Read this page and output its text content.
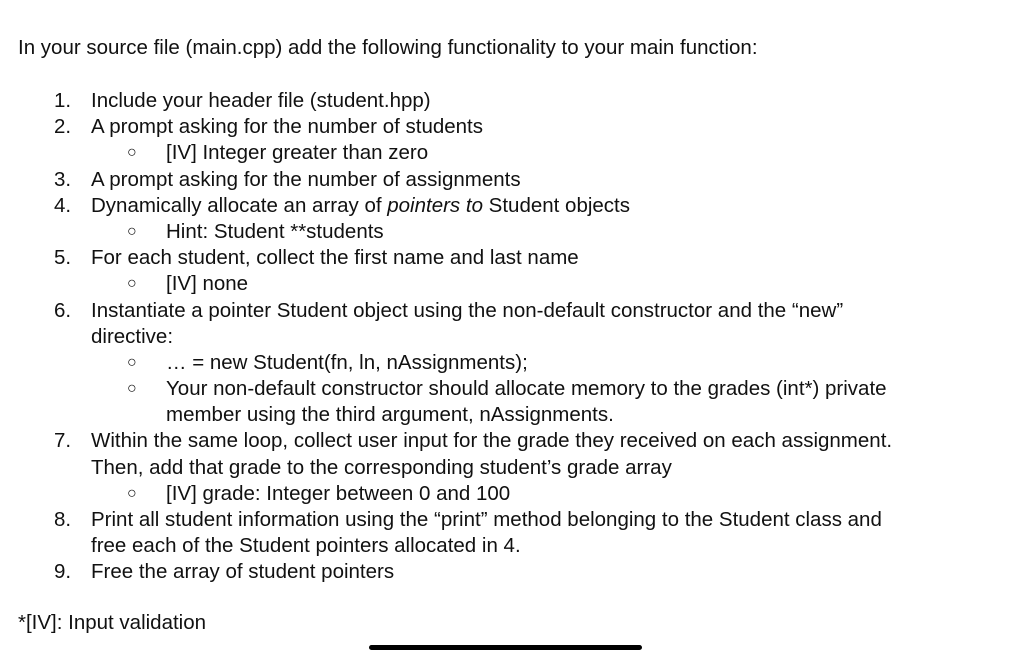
In your source file (main.cpp) add the following functionality to your main function:
1. Include your header file (student.hpp)
2. A prompt asking for the number of students
○ [IV] Integer greater than zero
3. A prompt asking for the number of assignments
4. Dynamically allocate an array of pointers to Student objects
○ Hint: Student **students
5. For each student, collect the first name and last name
○ [IV] none
6. Instantiate a pointer Student object using the non-default constructor and the “new”
directive:
○ … = new Student(fn, ln, nAssignments);
○ Your non-default constructor should allocate memory to the grades (int*) private
member using the third argument, nAssignments.
7. Within the same loop, collect user input for the grade they received on each assignment.
Then, add that grade to the corresponding student’s grade array
○ [IV] grade: Integer between 0 and 100
8. Print all student information using the “print” method belonging to the Student class and
free each of the Student pointers allocated in 4.
9. Free the array of student pointers
*[IV]: Input validation
